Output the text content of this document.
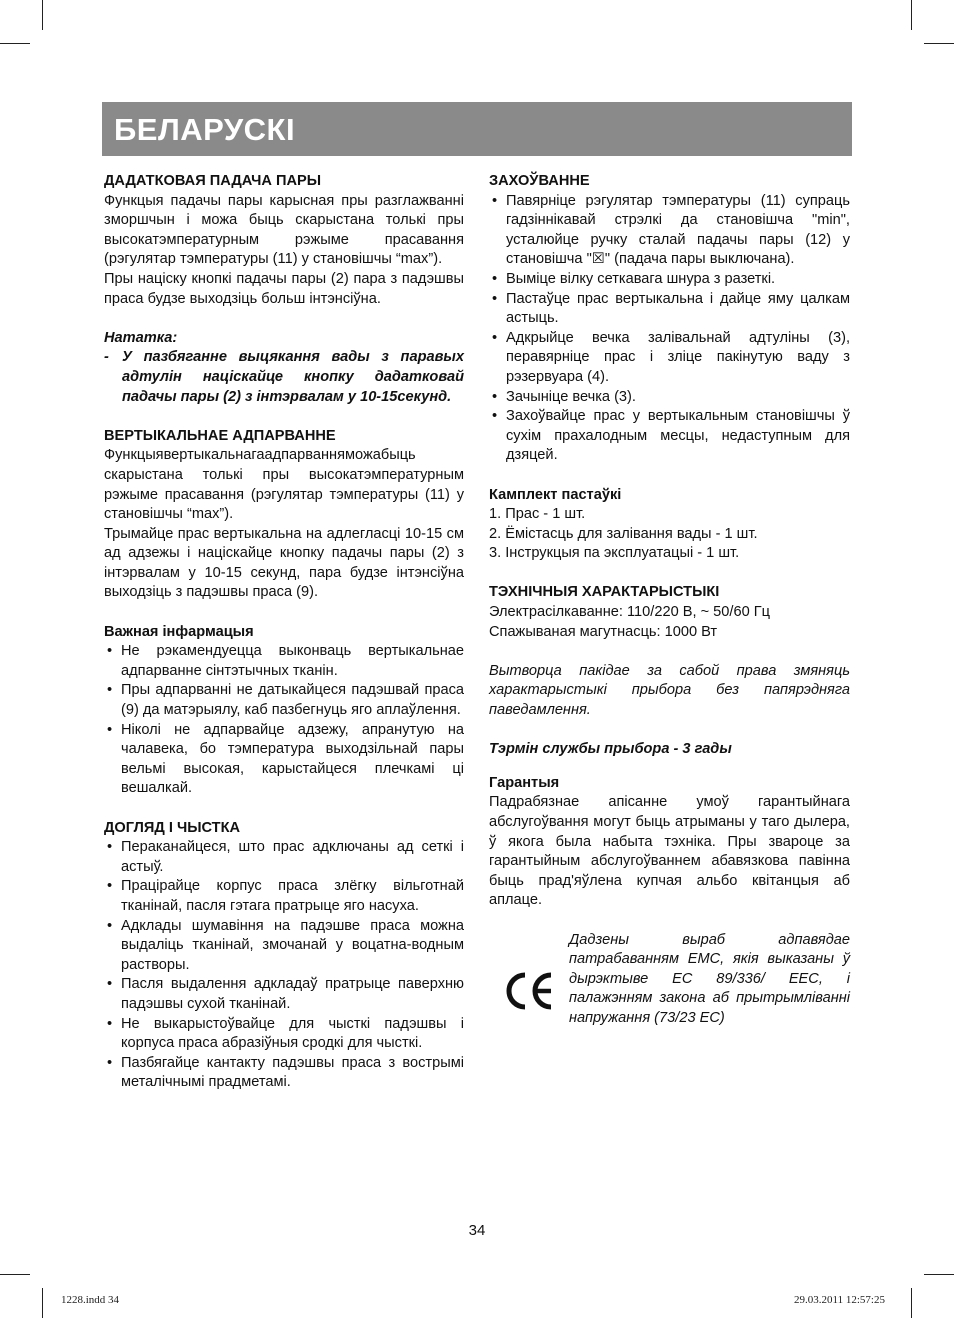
БЕЛАРУСКІ
ДАДАТКОВАЯ ПАДАЧА ПАРЫ

Функцыя падачы пары карысная пры разглажванні зморшчын і можа быць скарыстана толькі пры высокатэмпературным рэжыме прасавання (рэгулятар тэмпературы (11) у становішчы “max”).

Пры націску кнопкі падачы пары (2) пара з падэшвы праса будзе выходзіць больш інтэнсіўна.

Нататка:
- У пазбяганне выцякання вады з паравых адтулін націскайце кнопку дадатковай падачы пары (2) з інтэрвалам у 10-15секунд.
ВЕРТЫКАЛЬНАЕ АДПАРВАННЕ

Функцыявертыкальнагаадпарванняможабыць скарыстана толькі пры высокатэмпературным рэжыме прасавання (рэгулятар тэмпературы (11) у становішчы “max”).

Трымайце прас вертыкальна на адлегласці 10-15 см ад адзежы і націскайце кнопку падачы пары (2) з інтэрвалам у 10-15 секунд, пара будзе інтэнсіўна выходзіць з падэшвы праса (9).

Важная інфармацыя
• Не рэкамендуецца выконваць вертыкальнае адпарванне сінтэтычных тканін.
• Пры адпарванні не датыкайцеся падэшвай праса (9) да матэрыялу, каб пазбегнуць яго аплаўлення.
• Ніколі не адпарвайце адзежу, апранутую на чалавека, бо тэмпература выходзільнай пары вельмі высокая, карыстайцеся плечкамі ці вешалкай.
ДОГЛЯД І ЧЫСТКА
• Пераканайцеся, што прас адключаны ад сеткі і астыў.
• Працірайце корпус праса злёгку вільготнай тканінай, пасля гэтага пратрыце яго насуха.
• Адклады шумавіння на падэшве праса можна выдаліць тканінай, змочанай у воцатна-водным растворы.
• Пасля выдалення адкладаў пратрыце паверхню падэшвы сухой тканінай.
• Не выкарыстоўвайце для чысткі падэшвы і корпуса праса абразіўныя сродкі для чысткі.
• Пазбягайце кантакту падэшвы праса з вострымі металічнымі прадметамі.
ЗАХОЎВАННЕ
• Павярніце рэгулятар тэмпературы (11) супраць гадзіннікавай стрэлкі да становішча "min", усталюйце ручку сталай падачы пары (12) у становішча "☒" (падача пары выключана).
• Выміце вілку сеткавага шнура з разеткі.
• Пастаўце прас вертыкальна і дайце яму цалкам астыць.
• Адкрыйце вечка залівальнай адтуліны (3), перавярніце прас і зліце пакінутую ваду з рэзервуара (4).
• Зачыніце вечка (3).
• Захоўвайце прас у вертыкальным становішчы ў сухім прахалодным месцы, недаступным для дзяцей.
Камплект пастаўкі
1. Прас - 1 шт.
2. Ёмістасць для залівання вады - 1 шт.
3. Інструкцыя па эксплуатацыі - 1 шт.
ТЭХНІЧНЫЯ ХАРАКТАРЫСТЫКІ
Электрасілкаванне: 110/220 В, ~ 50/60 Гц
Спажываная магутнасць: 1000 Вт

Вытворца пакідае за сабой права змяняць характарыстыкі прыбора без папярэдняга паведамлення.

Тэрмін службы прыбора - 3 гады
Гарантыя

Падрабязнае апісанне умоў гарантыйнага абслугоўвання могут быць атрыманы у таго дылера, ў якога была набыта тэхніка. Пры звароце за гарантыйным абслугоўваннем абавязкова павінна быць прад'яўлена купчая альбо квітанцыя аб аплаце.

Дадзены выраб адпавядае патрабаванням ЕМС, якія выказаны ў дырэктыве ЕС 89/336/ ЕЕС, і палажэнням закона аб прытрымліванні напружання (73/23 ЕС)

34
1228.indd 34	29.03.2011 12:57:25
